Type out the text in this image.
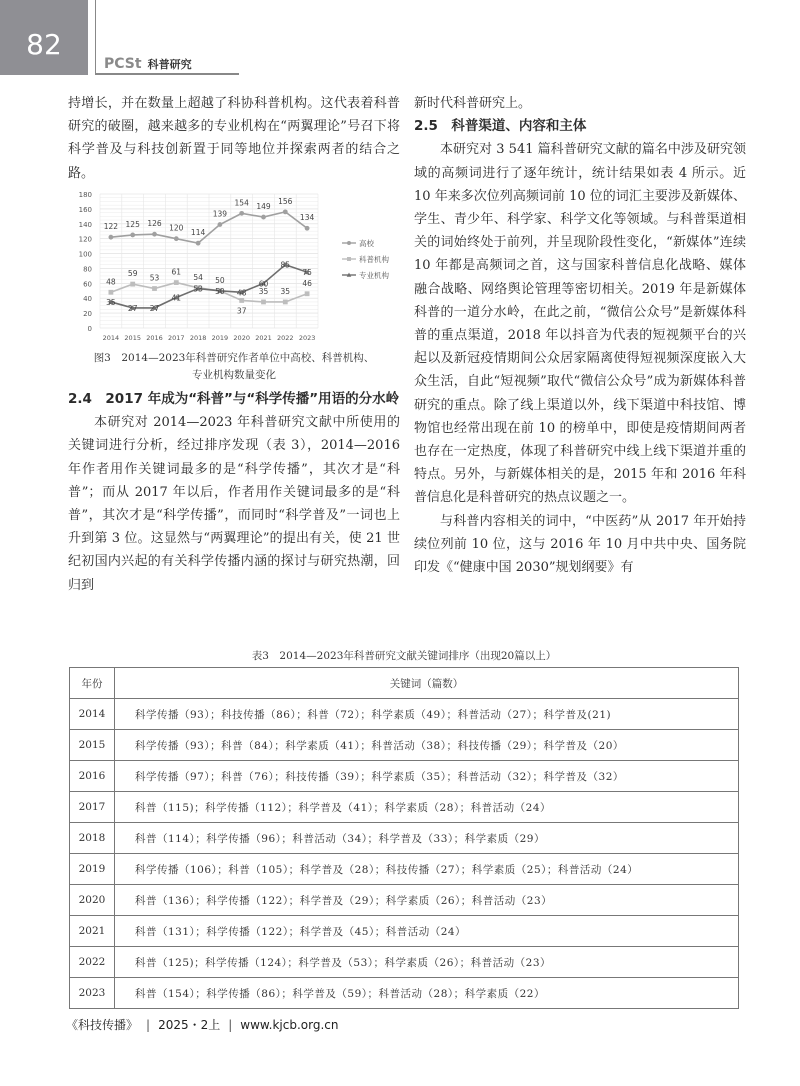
82
PCSt 科普研究

持增长，并在数量上超越了科协科普机构。这代表着科普研究的破圈，越来越多的专业机构在“两翼理论”号召下将科学普及与科技创新置于同等地位并探索两者的结合之路。

0
20
40
60
80
100
120
140
160
180
2014 2015 2016 2017 2018 2019 2020 2021 2022 2023
122 125 126 120 114
139
154 149
156
134
48
59 53
61
54 50
37
35 35
46
35
27 27
41
53 50 48
60
85
75
高校
科普机构
专业机构
图3　2014—2023年科普研究作者单位中高校、科普机构、
专业机构数量变化

2.4　2017 年成为“科普”与“科学传播”用语的分水岭

本研究对 2014—2023 年科普研究文献中所使用的关键词进行分析，经过排序发现（表 3），2014—2016 年作者用作关键词最多的是“科学传播”，其次才是“科普”；而从 2017 年以后，作者用作关键词最多的是“科普”，其次才是“科学传播”，而同时“科学普及”一词也上升到第 3 位。这显然与“两翼理论”的提出有关，使 21 世纪初国内兴起的有关科学传播内涵的探讨与研究热潮，回归到

新时代科普研究上。

2.5　科普渠道、内容和主体

本研究对 3 541 篇科普研究文献的篇名中涉及研究领域的高频词进行了逐年统计，统计结果如表 4 所示。近 10 年来多次位列高频词前 10 位的词汇主要涉及新媒体、学生、青少年、科学家、科学文化等领域。与科普渠道相关的词始终处于前列，并呈现阶段性变化，“新媒体”连续 10 年都是高频词之首，这与国家科普信息化战略、媒体融合战略、网络舆论管理等密切相关。2019 年是新媒体科普的一道分水岭，在此之前，“微信公众号”是新媒体科普的重点渠道，2018 年以抖音为代表的短视频平台的兴起以及新冠疫情期间公众居家隔离使得短视频深度嵌入大众生活，自此“短视频”取代“微信公众号”成为新媒体科普研究的重点。除了线上渠道以外，线下渠道中科技馆、博物馆也经常出现在前 10 的榜单中，即使是疫情期间两者也存在一定热度，体现了科普研究中线上线下渠道并重的特点。另外，与新媒体相关的是，2015 年和 2016 年科普信息化是科普研究的热点议题之一。

与科普内容相关的词中，“中医药”从 2017 年开始持续位列前 10 位，这与 2016 年 10 月中共中央、国务院印发《“健康中国 2030”规划纲要》有

表3　2014—2023年科普研究文献关键词排序（出现20篇以上）
年份	关键词（篇数）
2014	科学传播（93）；科技传播（86）；科普（72）；科学素质（49）；科普活动（27）；科学普及(21)
2015	科学传播（93）；科普（84）；科学素质（41）；科普活动（38）；科技传播（29）；科学普及（20）
2016	科学传播（97）；科普（76）；科技传播（39）；科学素质（35）；科普活动（32）；科学普及（32）
2017	科普（115)；科学传播（112）；科学普及（41）；科学素质（28）；科普活动（24）
2018	科普（114）；科学传播（96）；科普活动（34）；科学普及（33）；科学素质（29）
2019	科学传播（106）；科普（105）；科学普及（28）；科技传播（27）；科学素质（25）；科普活动（24）
2020	科普（136）；科学传播（122）；科学普及（29）；科学素质（26）；科普活动（23）
2021	科普（131）；科学传播（122）；科学普及（45）；科普活动（24）
2022	科普（125)；科学传播（124）；科学普及（53）；科学素质（26）；科普活动（23）
2023	科普（154）；科学传播（86）；科学普及（59）；科普活动（28）；科学素质（22）
《科技传播》 | 2025・2上 | www.kjcb.org.cn
